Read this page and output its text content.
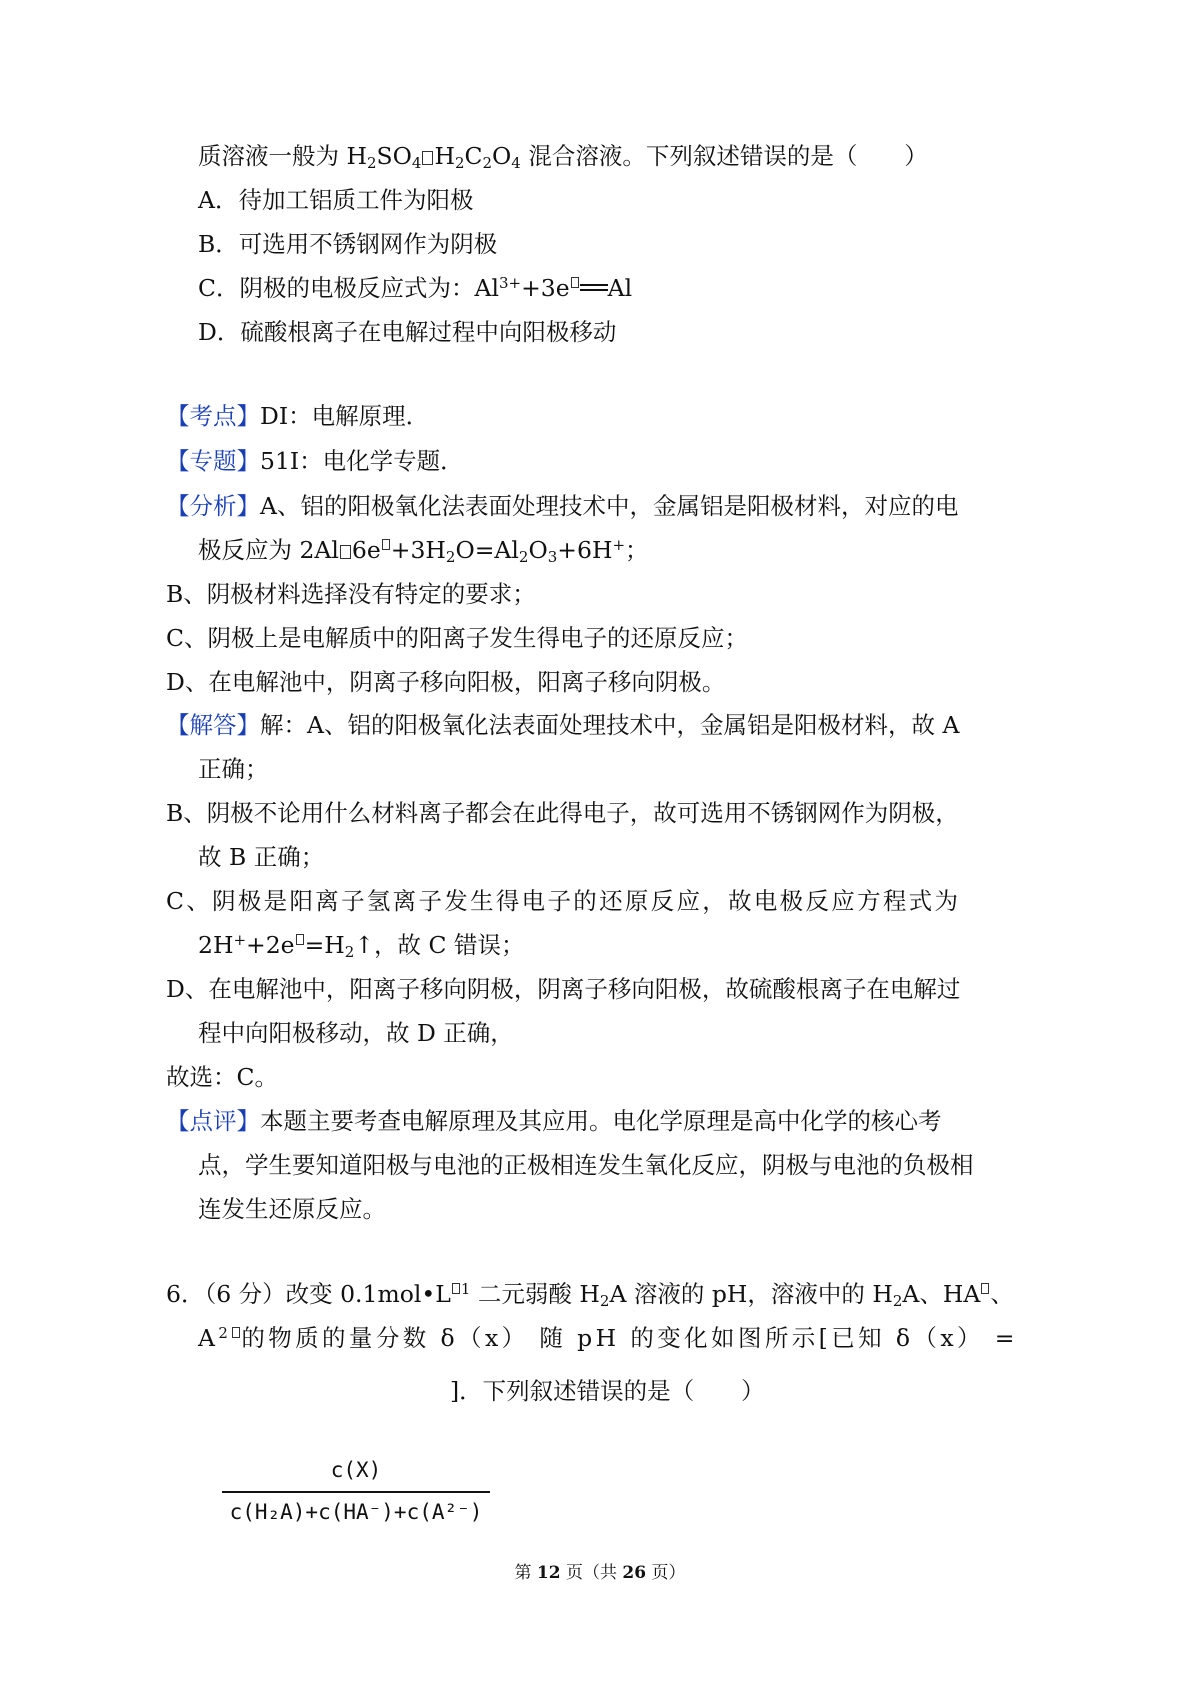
质溶液一般为 $H_2SO_4$ $H_2C_2O_4$ 混合溶液。下列叙述错误的是（　　）
A．待加工铝质工件为阳极
B．可选用不锈钢网作为阴极
C．阴极的电极反应式为：$Al^{3+}+3e$ Al
D．硫酸根离子在电解过程中向阳极移动
【考点】DI：电解原理．
【专题】51I：电化学专题．
【分析】A、铝的阳极氧化法表面处理技术中，金属铝是阳极材料，对应的电
极反应为 2Al $6e +3H_2O=Al_2O_3+6H^+$；
B、阴极材料选择没有特定的要求；
C、阴极上是电解质中的阳离子发生得电子的还原反应；
D、在电解池中，阴离子移向阳极，阳离子移向阴极。
【解答】解：A、铝的阳极氧化法表面处理技术中，金属铝是阳极材料，故 A
正确；
B、阴极不论用什么材料离子都会在此得电子，故可选用不锈钢网作为阴极，
故 B 正确；
C、阴极是阳离子氢离子发生得电子的还原反应，故电极反应方程式为
$2H^++2e =H_2↑$，故 C 错误；
D、在电解池中，阳离子移向阴极，阴离子移向阳极，故硫酸根离子在电解过
程中向阳极移动，故 D 正确，
故选：C。
【点评】本题主要考查电解原理及其应用。电化学原理是高中化学的核心考
点，学生要知道阳极与电池的正极相连发生氧化反应，阴极与电池的负极相
连发生还原反应。
6．（6 分）改变 0.1mol•L $^1$ 二元弱酸 $H_2A$ 溶液的 pH，溶液中的 $H_2A$、HA 、
$A^2$ 的物质的量分数 δ（x） 随 pH 的变化如图所示[已知 δ（x） =
c(X)
c(H₂A)+c(HA⁻)+c(A²⁻)
]．下列叙述错误的是（　　）
第 12 页（共 26 页）
